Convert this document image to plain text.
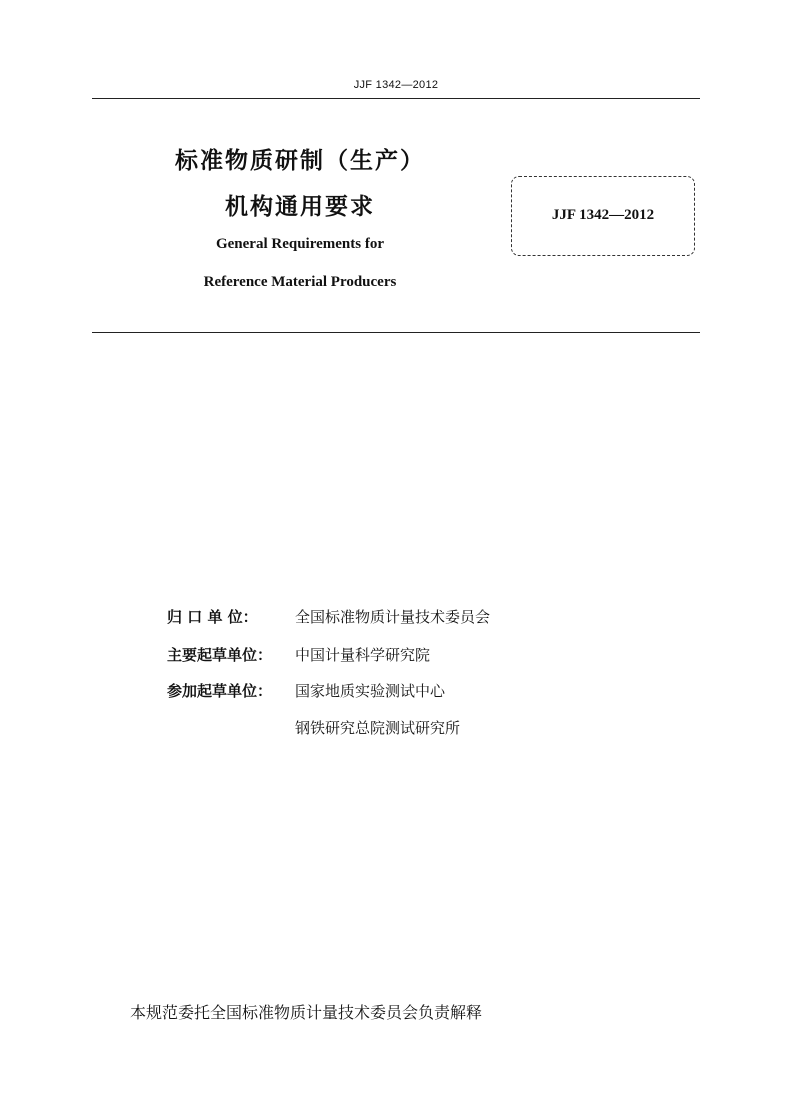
JJF 1342—2012
标准物质研制（生产）
机构通用要求
General Requirements for
Reference Material Producers
JJF 1342—2012
归 口 单 位：	全国标准物质计量技术委员会
主要起草单位：	中国计量科学研究院
参加起草单位：	国家地质实验测试中心
钢铁研究总院测试研究所
本规范委托全国标准物质计量技术委员会负责解释
